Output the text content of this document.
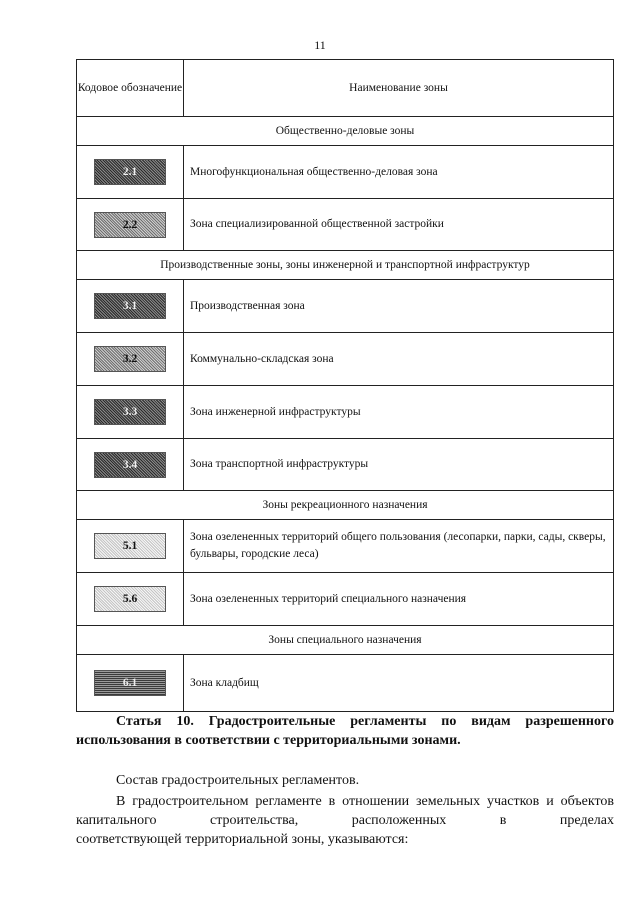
11
Кодовое обозначение	Наименование зоны
Общественно-деловые зоны	
2.1	Многофункциональная общественно-деловая зона
2.2	Зона специализированной общественной застройки
Производственные зоны, зоны инженерной и транспортной инфраструктур	
3.1	Производственная зона
3.2	Коммунально-складская зона
3.3	Зона инженерной инфраструктуры
3.4	Зона транспортной инфраструктуры
Зоны рекреационного назначения	
5.1	Зона озелененных территорий общего пользования (лесопарки, парки, сады, скверы, бульвары, городские леса)
5.6	Зона озелененных территорий специального назначения
Зоны специального назначения	
6.1	Зона кладбищ
Статья 10. Градостроительные регламенты по видам разрешенного использования в соответствии с территориальными зонами.
Состав градостроительных регламентов.
В градостроительном регламенте в отношении земельных участков и объектов капитального строительства, расположенных в пределах
соответствующей территориальной зоны, указываются:
